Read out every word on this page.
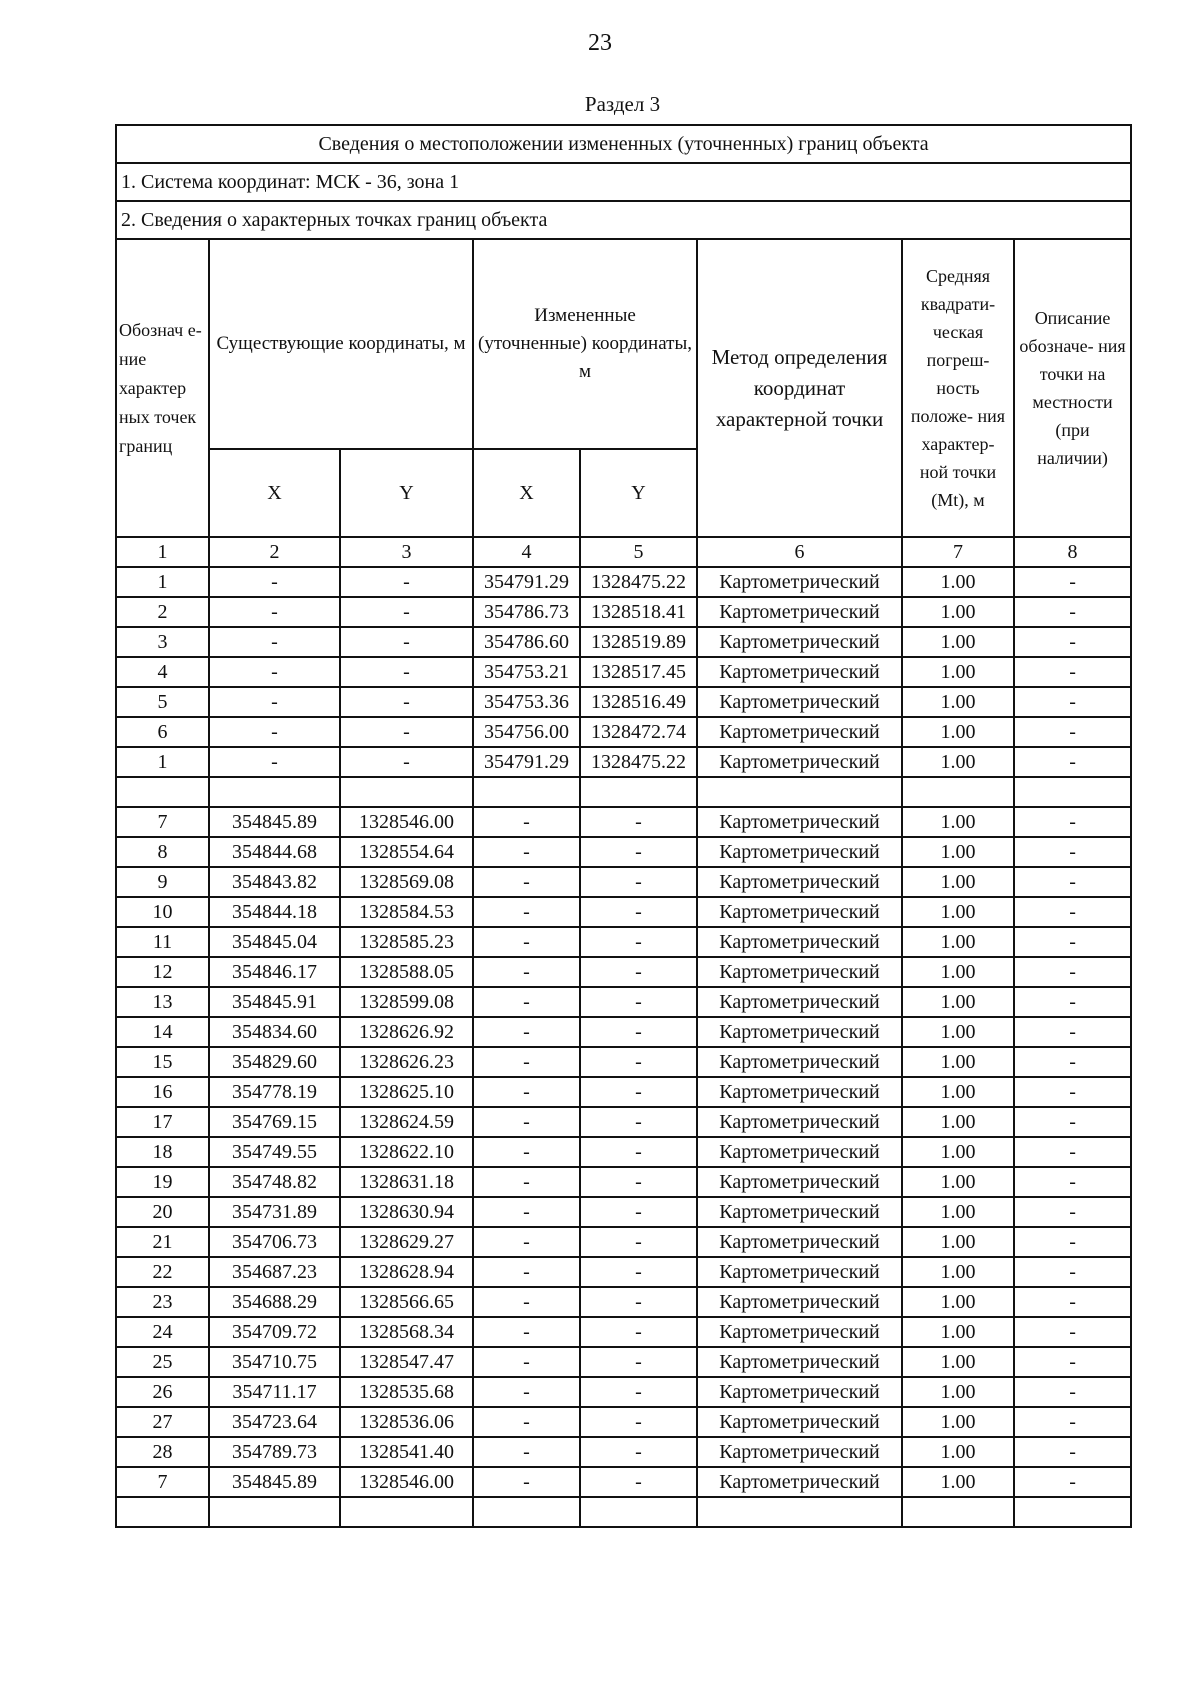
23
Раздел 3
Сведения о местоположении измененных (уточненных) границ объекта							
1. Система координат: МСК - 36, зона 1							
2. Сведения о характерных точках границ объекта							
Обознач е-ние характер ных точек границ	Существующие координаты, м		Измененные (уточненные) координаты, м		Метод определения координат характерной точки	Средняя квадрати- ческая погреш- ность положе- ния характер- ной точки (Mt), м	Описание обозначе- ния точки на местности (при наличии)
	X	Y	X	Y			
1	2	3	4	5	6	7	8
1	-	-	354791.29	1328475.22	Картометрический	1.00	-
2	-	-	354786.73	1328518.41	Картометрический	1.00	-
3	-	-	354786.60	1328519.89	Картометрический	1.00	-
4	-	-	354753.21	1328517.45	Картометрический	1.00	-
5	-	-	354753.36	1328516.49	Картометрический	1.00	-
6	-	-	354756.00	1328472.74	Картометрический	1.00	-
1	-	-	354791.29	1328475.22	Картометрический	1.00	-

7	354845.89	1328546.00	-	-	Картометрический	1.00	-
8	354844.68	1328554.64	-	-	Картометрический	1.00	-
9	354843.82	1328569.08	-	-	Картометрический	1.00	-
10	354844.18	1328584.53	-	-	Картометрический	1.00	-
11	354845.04	1328585.23	-	-	Картометрический	1.00	-
12	354846.17	1328588.05	-	-	Картометрический	1.00	-
13	354845.91	1328599.08	-	-	Картометрический	1.00	-
14	354834.60	1328626.92	-	-	Картометрический	1.00	-
15	354829.60	1328626.23	-	-	Картометрический	1.00	-
16	354778.19	1328625.10	-	-	Картометрический	1.00	-
17	354769.15	1328624.59	-	-	Картометрический	1.00	-
18	354749.55	1328622.10	-	-	Картометрический	1.00	-
19	354748.82	1328631.18	-	-	Картометрический	1.00	-
20	354731.89	1328630.94	-	-	Картометрический	1.00	-
21	354706.73	1328629.27	-	-	Картометрический	1.00	-
22	354687.23	1328628.94	-	-	Картометрический	1.00	-
23	354688.29	1328566.65	-	-	Картометрический	1.00	-
24	354709.72	1328568.34	-	-	Картометрический	1.00	-
25	354710.75	1328547.47	-	-	Картометрический	1.00	-
26	354711.17	1328535.68	-	-	Картометрический	1.00	-
27	354723.64	1328536.06	-	-	Картометрический	1.00	-
28	354789.73	1328541.40	-	-	Картометрический	1.00	-
7	354845.89	1328546.00	-	-	Картометрический	1.00	-
